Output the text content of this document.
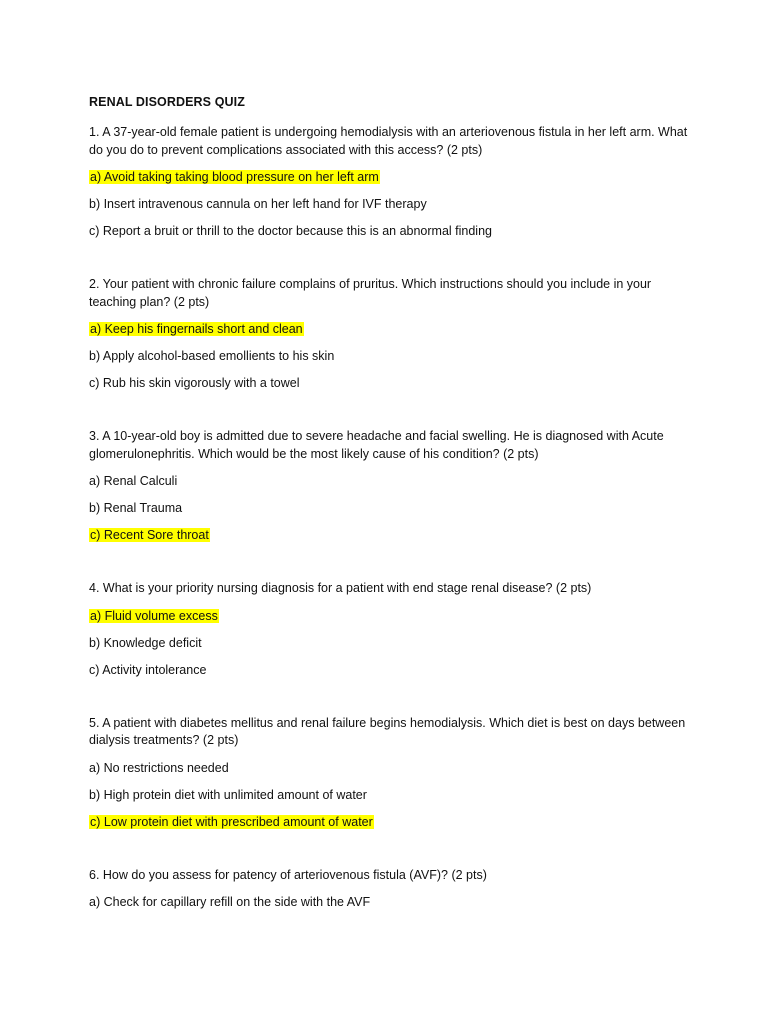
RENAL DISORDERS QUIZ
1. A 37-year-old female patient is undergoing hemodialysis with an arteriovenous fistula in her left arm. What do you do to prevent complications associated with this access? (2 pts)
a) Avoid taking taking blood pressure on her left arm
b) Insert intravenous cannula on her left hand for IVF therapy
c) Report a bruit or thrill to the doctor because this is an abnormal finding
2. Your patient with chronic failure complains of pruritus. Which instructions should you include in your teaching plan? (2 pts)
a) Keep his fingernails short and clean
b) Apply alcohol-based emollients to his skin
c) Rub his skin vigorously with a towel
3. A 10-year-old boy is admitted due to severe headache and facial swelling. He is diagnosed with Acute glomerulonephritis. Which would be the most likely cause of his condition? (2 pts)
a) Renal Calculi
b) Renal Trauma
c) Recent Sore throat
4. What is your priority nursing diagnosis for a patient with end stage renal disease? (2 pts)
a) Fluid volume excess
b) Knowledge deficit
c) Activity intolerance
5. A patient with diabetes mellitus and renal failure begins hemodialysis. Which diet is best on days between dialysis treatments? (2 pts)
a) No restrictions needed
b) High protein diet with unlimited amount of water
c) Low protein diet with prescribed amount of water
6. How do you assess for patency of arteriovenous fistula (AVF)? (2 pts)
a) Check for capillary refill on the side with the AVF
